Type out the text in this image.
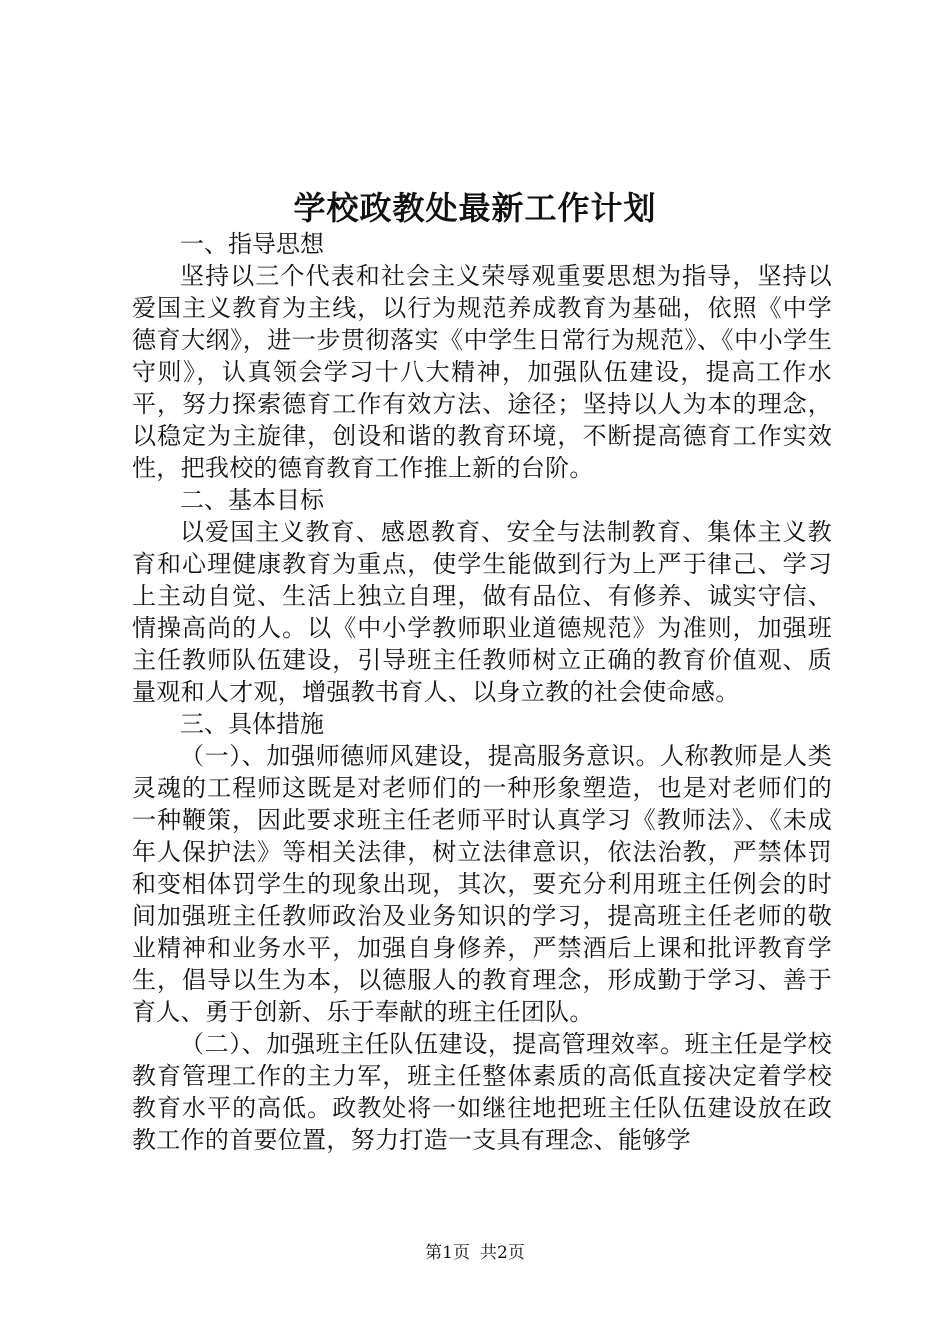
学校政教处最新工作计划

一、指导思想

坚持以三个代表和社会主义荣辱观重要思想为指导，坚持以爱国主义教育为主线，以行为规范养成教育为基础，依照《中学德育大纲》，进一步贯彻落实《中学生日常行为规范》、《中小学生守则》，认真领会学习十八大精神，加强队伍建设，提高工作水平，努力探索德育工作有效方法、途径；坚持以人为本的理念，以稳定为主旋律，创设和谐的教育环境，不断提高德育工作实效性，把我校的德育教育工作推上新的台阶。

二、基本目标

以爱国主义教育、感恩教育、安全与法制教育、集体主义教育和心理健康教育为重点，使学生能做到行为上严于律己、学习上主动自觉、生活上独立自理，做有品位、有修养、诚实守信、情操高尚的人。以《中小学教师职业道德规范》为准则，加强班主任教师队伍建设，引导班主任教师树立正确的教育价值观、质量观和人才观，增强教书育人、以身立教的社会使命感。

三、具体措施

（一）、加强师德师风建设，提高服务意识。人称教师是人类灵魂的工程师这既是对老师们的一种形象塑造，也是对老师们的一种鞭策，因此要求班主任老师平时认真学习《教师法》、《未成年人保护法》等相关法律，树立法律意识，依法治教，严禁体罚和变相体罚学生的现象出现，其次，要充分利用班主任例会的时间加强班主任教师政治及业务知识的学习，提高班主任老师的敬业精神和业务水平，加强自身修养，严禁酒后上课和批评教育学生，倡导以生为本，以德服人的教育理念，形成勤于学习、善于育人、勇于创新、乐于奉献的班主任团队。

（二）、加强班主任队伍建设，提高管理效率。班主任是学校教育管理工作的主力军，班主任整体素质的高低直接决定着学校教育水平的高低。政教处将一如继往地把班主任队伍建设放在政教工作的首要位置，努力打造一支具有理念、能够学

第1页 共2页
